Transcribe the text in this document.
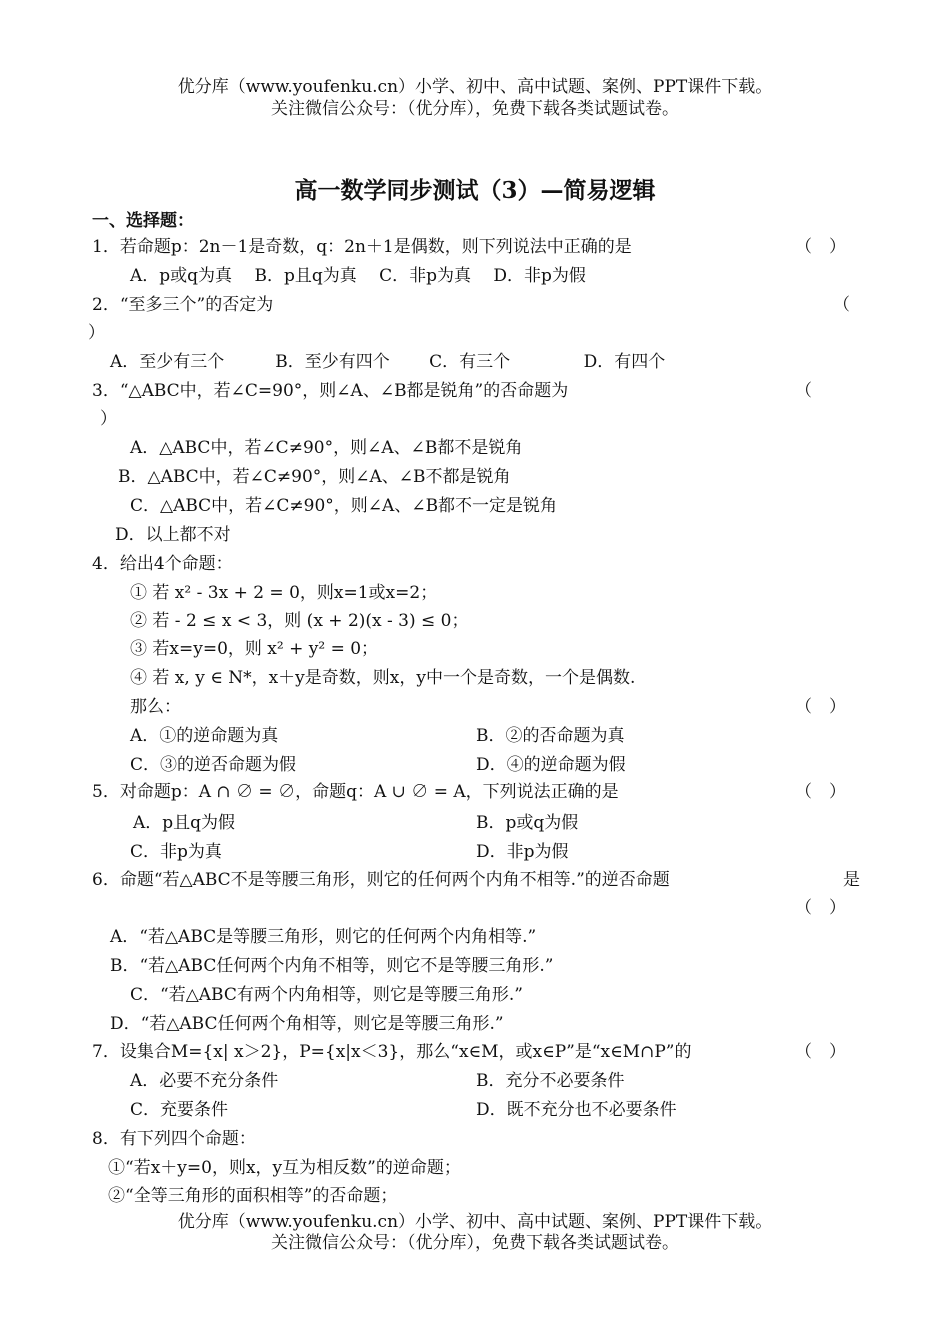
优分库（www.youfenku.cn）小学、初中、高中试题、案例、PPT课件下载。
关注微信公众号：（优分库），免费下载各类试题试卷。
高一数学同步测试（3）—简易逻辑
一、选择题：
1．若命题p：2n－1是奇数，q：2n＋1是偶数，则下列说法中正确的是	（　）
A．p或q为真　 B．p且q为真　 C．非p为真　 D．非p为假
2．“至多三个”的否定为	（
）
A．至少有三个　　　B．至少有四个　　 C．有三个　　　　 D．有四个
3．“△ABC中，若∠C=90°，则∠A、∠B都是锐角”的否命题为	（
）
A．△ABC中，若∠C≠90°，则∠A、∠B都不是锐角
B．△ABC中，若∠C≠90°，则∠A、∠B不都是锐角
C．△ABC中，若∠C≠90°，则∠A、∠B都不一定是锐角
D．以上都不对
4．给出4个命题：
① 若 x² - 3x + 2 = 0，则x=1或x=2；
② 若 - 2 ≤ x < 3，则 (x + 2)(x - 3) ≤ 0；
③ 若x=y=0，则 x² + y² = 0；
④ 若 x, y ∈ N*，x＋y是奇数，则x，y中一个是奇数，一个是偶数.
那么：	（　）
A．①的逆命题为真	B．②的否命题为真
C．③的逆否命题为假	D．④的逆命题为假
5．对命题p：A ∩ ∅ = ∅，命题q：A ∪ ∅ = A，下列说法正确的是	（　）
A．p且q为假	B．p或q为假
C．非p为真	D．非p为假
6．命题“若△ABC不是等腰三角形，则它的任何两个内角不相等.”的逆否命题	是
（　）
A．“若△ABC是等腰三角形，则它的任何两个内角相等.”
B．“若△ABC任何两个内角不相等，则它不是等腰三角形.”
C．“若△ABC有两个内角相等，则它是等腰三角形.”
D．“若△ABC任何两个角相等，则它是等腰三角形.”
7．设集合M={x| x＞2}，P={x|x＜3}，那么“x∈M，或x∈P”是“x∈M∩P”的	（　）
A．必要不充分条件	B．充分不必要条件
C．充要条件	D．既不充分也不必要条件
8．有下列四个命题：
①“若x＋y=0，则x，y互为相反数”的逆命题；
②“全等三角形的面积相等”的否命题；
优分库（www.youfenku.cn）小学、初中、高中试题、案例、PPT课件下载。
关注微信公众号：（优分库），免费下载各类试题试卷。
